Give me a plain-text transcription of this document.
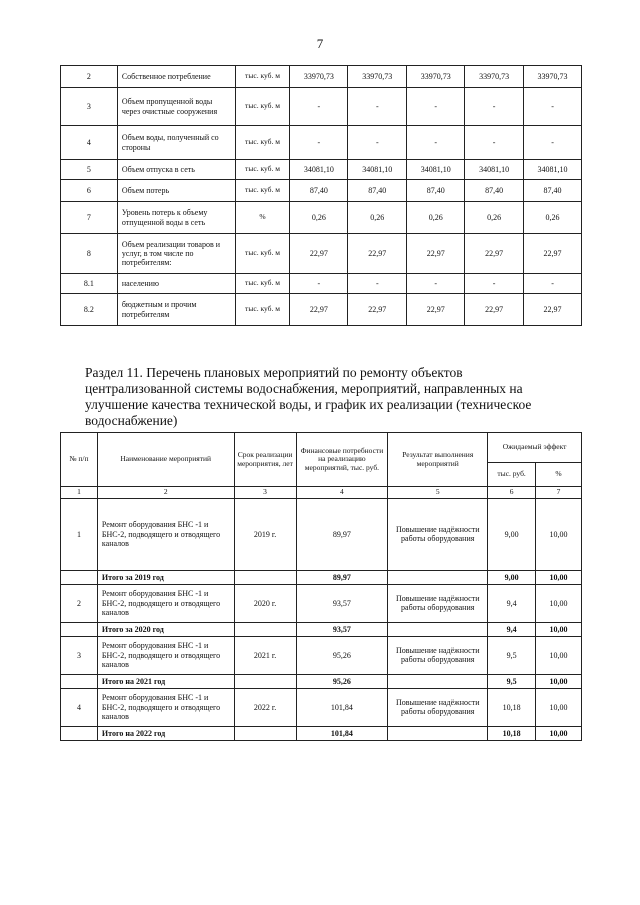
7
2	Собственное потребление	тыс. куб. м	33970,73	33970,73	33970,73	33970,73	33970,73
3	Объем пропущенной воды через очистные сооружения	тыс. куб. м	-	-	-	-	-
4	Объем воды, полученный со стороны	тыс. куб. м	-	-	-	-	-
5	Объем отпуска в сеть	тыс. куб. м	34081,10	34081,10	34081,10	34081,10	34081,10
6	Объем потерь	тыс. куб. м	87,40	87,40	87,40	87,40	87,40
7	Уровень потерь к объему отпущенной воды в сеть	%	0,26	0,26	0,26	0,26	0,26
8	Объем реализации товаров и услуг, в том числе по потребителям:	тыс. куб. м	22,97	22,97	22,97	22,97	22,97
8.1	населению	тыс. куб. м	-	-	-	-	-
8.2	бюджетным и прочим потребителям	тыс. куб. м	22,97	22,97	22,97	22,97	22,97
Раздел 11. Перечень плановых мероприятий по ремонту объектов
централизованной системы водоснабжения, мероприятий, направленных на
улучшение качества технической воды, и график их реализации (техническое
водоснабжение)
№ п/п	Наименование мероприятий	Срок реализации мероприятия, лет	Финансовые потребности на реализацию мероприятий, тыс. руб.	Результат выполнения мероприятий	Ожидаемый эффект	
					тыс. руб.	%
1	2	3	4	5	6	7
1	Ремонт оборудования БНС -1 и БНС-2, подводящего и отводящего каналов	2019 г.	89,97	Повышение надёжности работы оборудования	9,00	10,00
	Итого за 2019 год		89,97		9,00	10,00
2	Ремонт оборудования БНС -1 и БНС-2, подводящего и отводящего каналов	2020 г.	93,57	Повышение надёжности работы оборудования	9,4	10,00
	Итого за 2020 год		93,57		9,4	10,00
3	Ремонт оборудования БНС -1 и БНС-2, подводящего и отводящего каналов	2021 г.	95,26	Повышение надёжности работы оборудования	9,5	10,00
	Итого на 2021 год		95,26		9,5	10,00
4	Ремонт оборудования БНС -1 и БНС-2, подводящего и отводящего каналов	2022 г.	101,84	Повышение надёжности работы оборудования	10,18	10,00
	Итого на 2022 год		101,84		10,18	10,00
